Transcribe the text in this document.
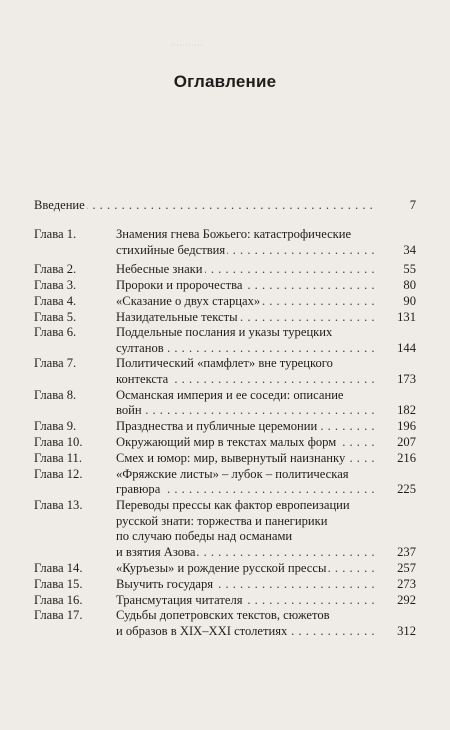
···········
Оглавление
Введение	7
. . .
Глава 1.	Знамения гнева Божьего: катастрофические
стихийные бедствия	34
. . .
Глава 2.	Небесные знаки	55
. . .
Глава 3.	Пророки и пророчества	80
. . .
Глава 4.	«Сказание о двух старцах»	90
. . .
Глава 5.	Назидательные тексты	131
. . .
Глава 6.	Поддельные послания и указы турецких
султанов	144
. . .
Глава 7.	Политический «памфлет» вне турецкого
контекста	173
. . .
Глава 8.	Османская империя и ее соседи: описание
войн	182
. . .
Глава 9.	Празднества и публичные церемонии	196
. . .
Глава 10.	Окружающий мир в текстах малых форм	207
. . .
Глава 11.	Смех и юмор: мир, вывернутый наизнанку	216
. . .
Глава 12.	«Фряжские листы» – лубок – политическая
гравюра	225
. . .
Глава 13.	Переводы прессы как фактор европеизации
русской знати: торжества и панегирики
по случаю победы над османами
и взятия Азова	237
. . .
Глава 14.	«Куръезы» и рождение русской прессы	257
. . .
Глава 15.	Выучить государя	273
. . .
Глава 16.	Трансмутация читателя	292
. . .
Глава 17.	Судьбы допетровских текстов, сюжетов
и образов в XIX–XXI столетиях	312
. . .
